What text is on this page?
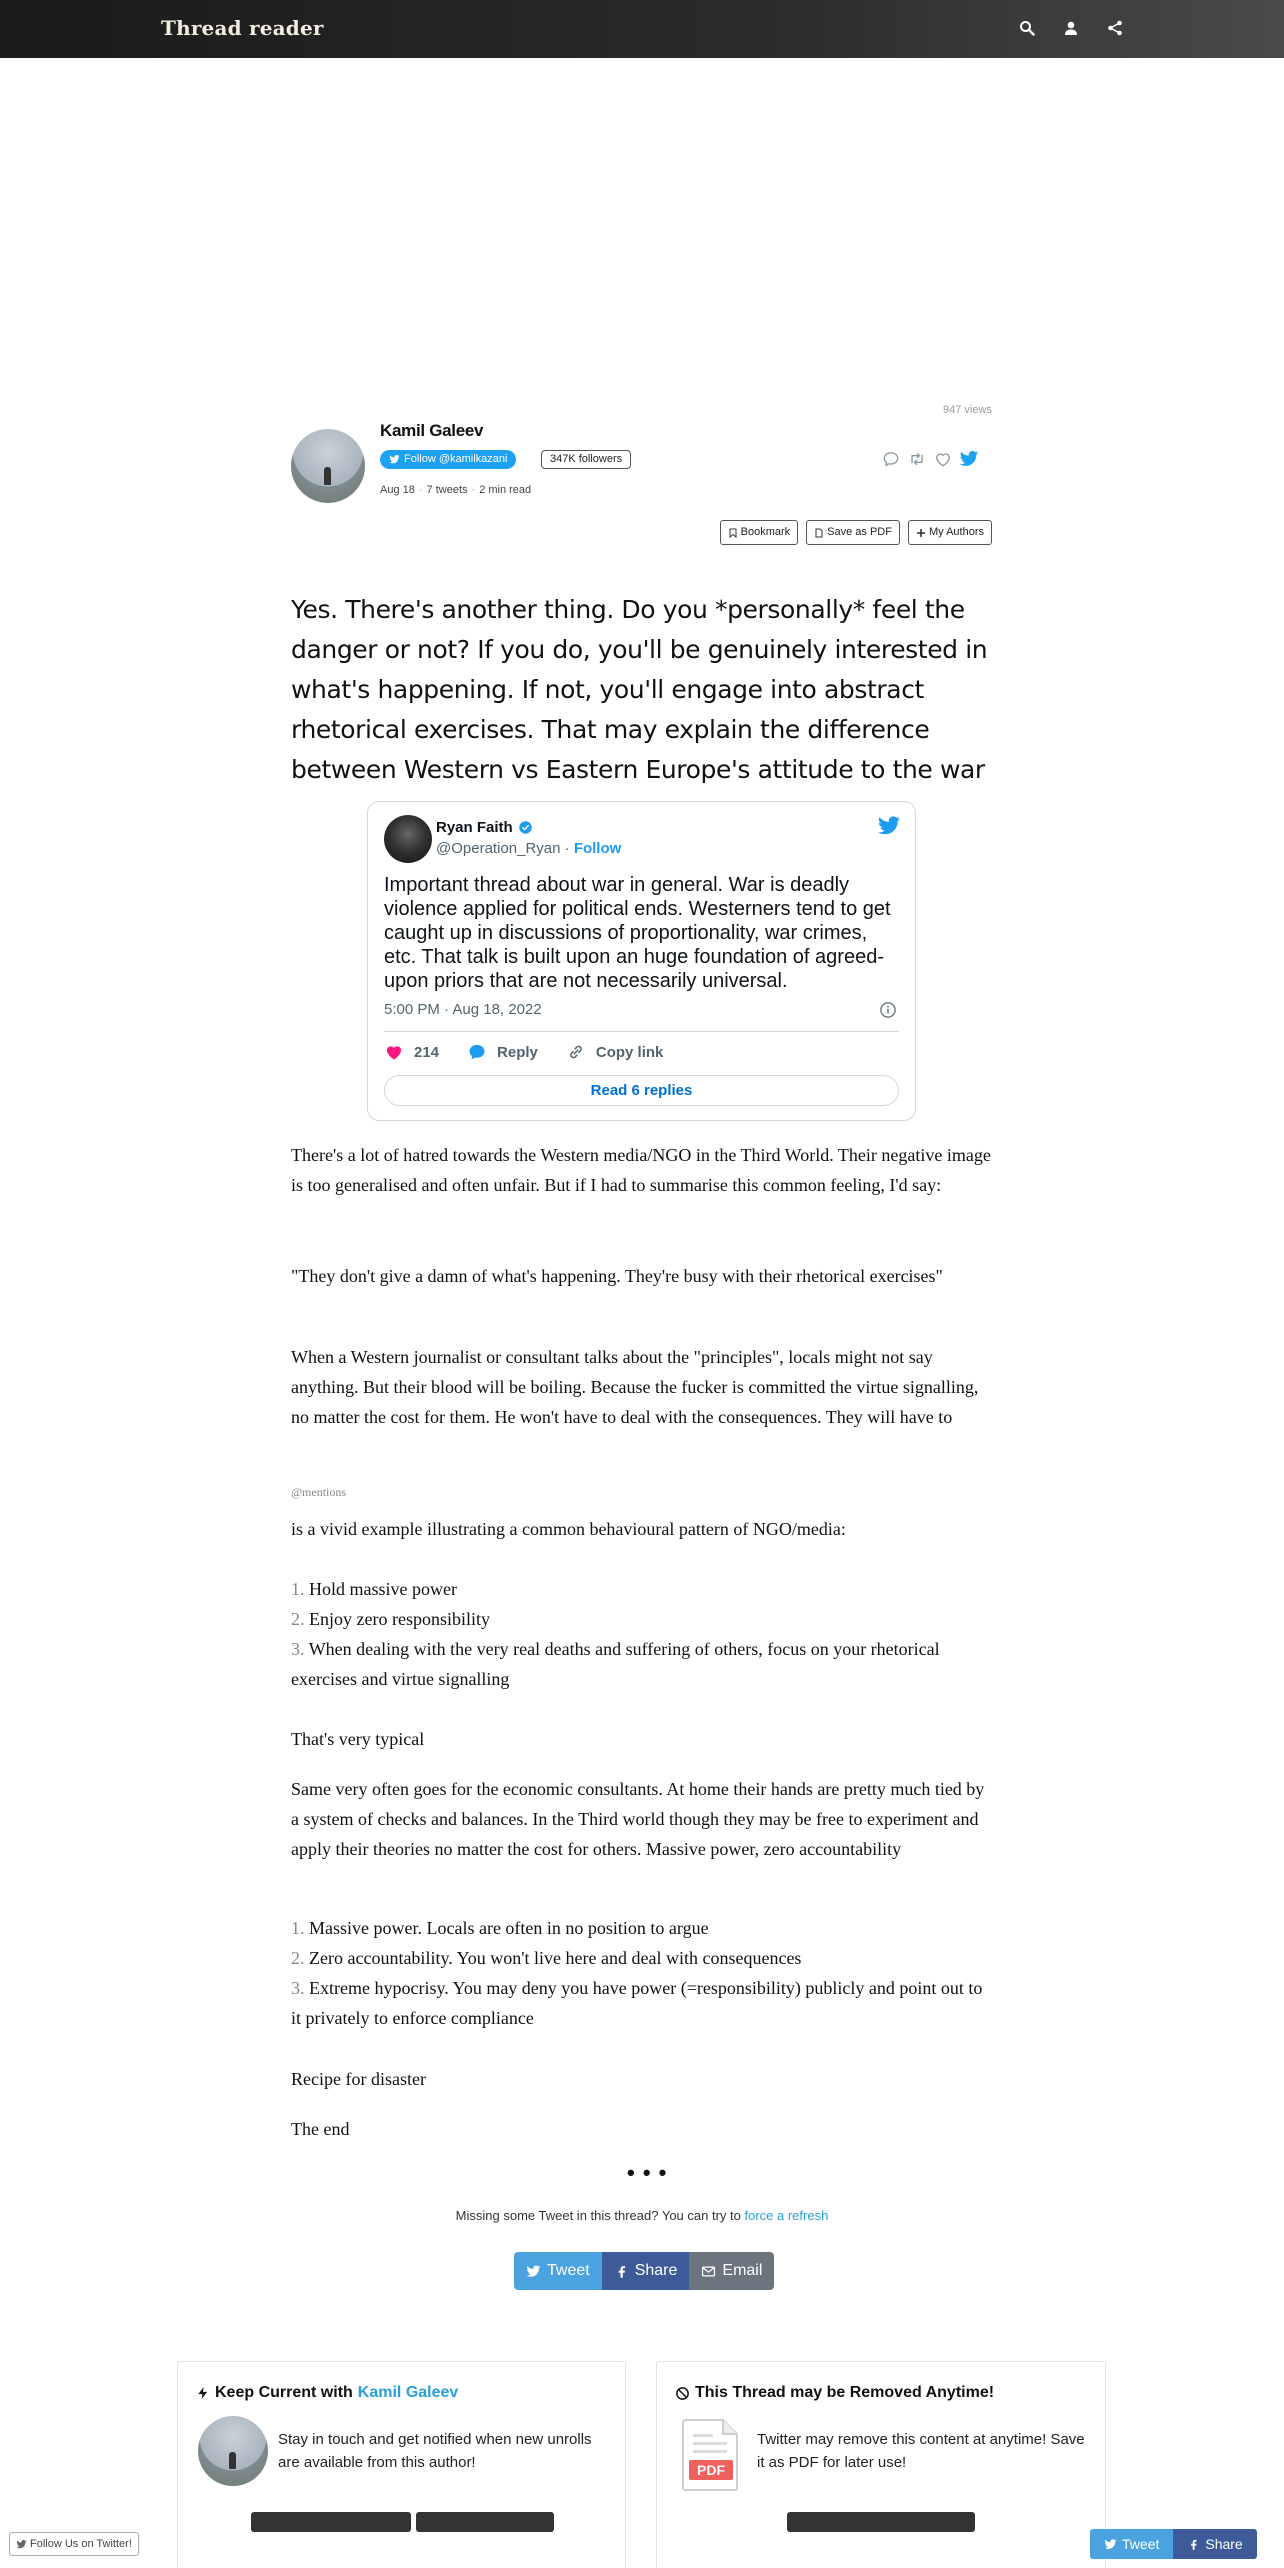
Thread reader
947 views
Kamil Galeev
Follow @kamilkazani	347K followers
Aug 18 · 7 tweets · 2 min read
Bookmark	Save as PDF	My Authors
Yes. There's another thing. Do you *personally* feel the danger or not? If you do, you'll be genuinely interested in what's happening. If not, you'll engage into abstract rhetorical exercises. That may explain the difference between Western vs Eastern Europe's attitude to the war
Ryan Faith
@Operation_Ryan · Follow
Important thread about war in general. War is deadly violence applied for political ends. Westerners tend to get caught up in discussions of proportionality, war crimes, etc. That talk is built upon an huge foundation of agreed-upon priors that are not necessarily universal.
5:00 PM · Aug 18, 2022
214	Reply	Copy link
Read 6 replies
There's a lot of hatred towards the Western media/NGO in the Third World. Their negative image is too generalised and often unfair. But if I had to summarise this common feeling, I'd say:
"They don't give a damn of what's happening. They're busy with their rhetorical exercises"
When a Western journalist or consultant talks about the "principles", locals might not say anything. But their blood will be boiling. Because the fucker is committed the virtue signalling, no matter the cost for them. He won't have to deal with the consequences. They will have to
@mentions
is a vivid example illustrating a common behavioural pattern of NGO/media:
1. Hold massive power
2. Enjoy zero responsibility
3. When dealing with the very real deaths and suffering of others, focus on your rhetorical exercises and virtue signalling
That's very typical
Same very often goes for the economic consultants. At home their hands are pretty much tied by a system of checks and balances. In the Third world though they may be free to experiment and apply their theories no matter the cost for others. Massive power, zero accountability
1. Massive power. Locals are often in no position to argue
2. Zero accountability. You won't live here and deal with consequences
3. Extreme hypocrisy. You may deny you have power (=responsibility) publicly and point out to it privately to enforce compliance
Recipe for disaster
The end
• • •
Missing some Tweet in this thread? You can try to force a refresh
Tweet	Share	Email
Keep Current with Kamil Galeev
Stay in touch and get notified when new unrolls are available from this author!
This Thread may be Removed Anytime!
PDF
Twitter may remove this content at anytime! Save it as PDF for later use!
Follow Us on Twitter!	Tweet	Share
